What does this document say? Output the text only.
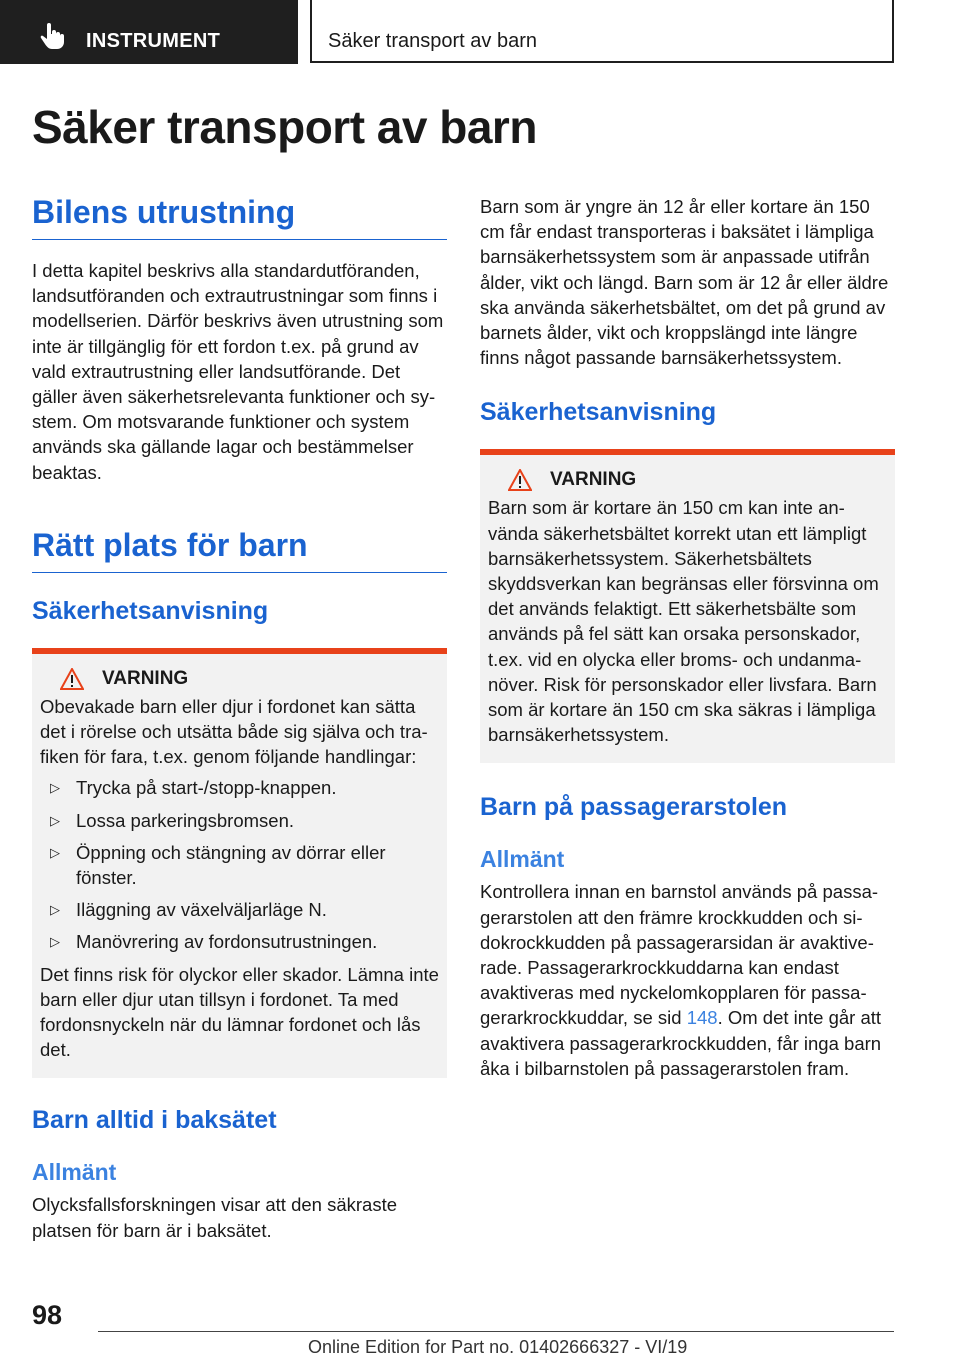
INSTRUMENT	Säker transport av barn
Säker transport av barn
Bilens utrustning

I detta kapitel beskrivs alla standardutföranden, landsutföranden och extrautrustningar som finns i modellserien. Därför beskrivs även utrustning som inte är tillgänglig för ett fordon t.ex. på grund av vald extrautrustning eller landsutförande. Det gäller även säkerhetsrelevanta funktioner och system. Om motsvarande funktioner och system används ska gällande lagar och bestämmelser beaktas.

Rätt plats för barn
Säkerhetsanvisning
VARNING

Obevakade barn eller djur i fordonet kan sätta det i rörelse och utsätta både sig själva och trafiken för fara, t.ex. genom följande handlingar:

▷ Trycka på start-/stopp-knappen.
▷ Lossa parkeringsbromsen.
▷ Öppning och stängning av dörrar eller fönster.
▷ Iläggning av växelväljarläge N.
▷ Manövrering av fordonsutrustningen.

Det finns risk för olyckor eller skador. Lämna inte barn eller djur utan tillsyn i fordonet. Ta med fordonsnyckeln när du lämnar fordonet och lås det.

Barn alltid i baksätet
Allmänt

Olycksfallsforskningen visar att den säkraste platsen för barn är i baksätet.

Barn som är yngre än 12 år eller kortare än 150 cm får endast transporteras i baksätet i lämpliga barnsäkerhetssystem som är anpassade utifrån ålder, vikt och längd. Barn som är 12 år eller äldre ska använda säkerhetsbältet, om det på grund av barnets ålder, vikt och kroppslängd inte längre finns något passande barnsäkerhetssystem.

Säkerhetsanvisning
VARNING

Barn som är kortare än 150 cm kan inte använda säkerhetsbältet korrekt utan ett lämpligt barnsäkerhetssystem. Säkerhetsbältets skyddsverkan kan begränsas eller försvinna om det används felaktigt. Ett säkerhetsbälte som används på fel sätt kan orsaka personskador, t.ex. vid en olycka eller broms- och undanmanöver. Risk för personskador eller livsfara. Barn som är kortare än 150 cm ska säkras i lämpliga barnsäkerhetssystem.

Barn på passagerarstolen
Allmänt

Kontrollera innan en barnstol används på passagerarstolen att den främre krockkudden och sidokrockkudden på passagerarsidan är avaktiverade. Passagerarkrockkuddarna kan endast avaktiveras med nyckelomkopplaren för passagerarkrockkuddar, se sid 148. Om det inte går att avaktivera passagerarkrockkudden, får inga barn åka i bilbarnstolen på passagerarstolen fram.

98
Online Edition for Part no. 01402666327 - VI/19
